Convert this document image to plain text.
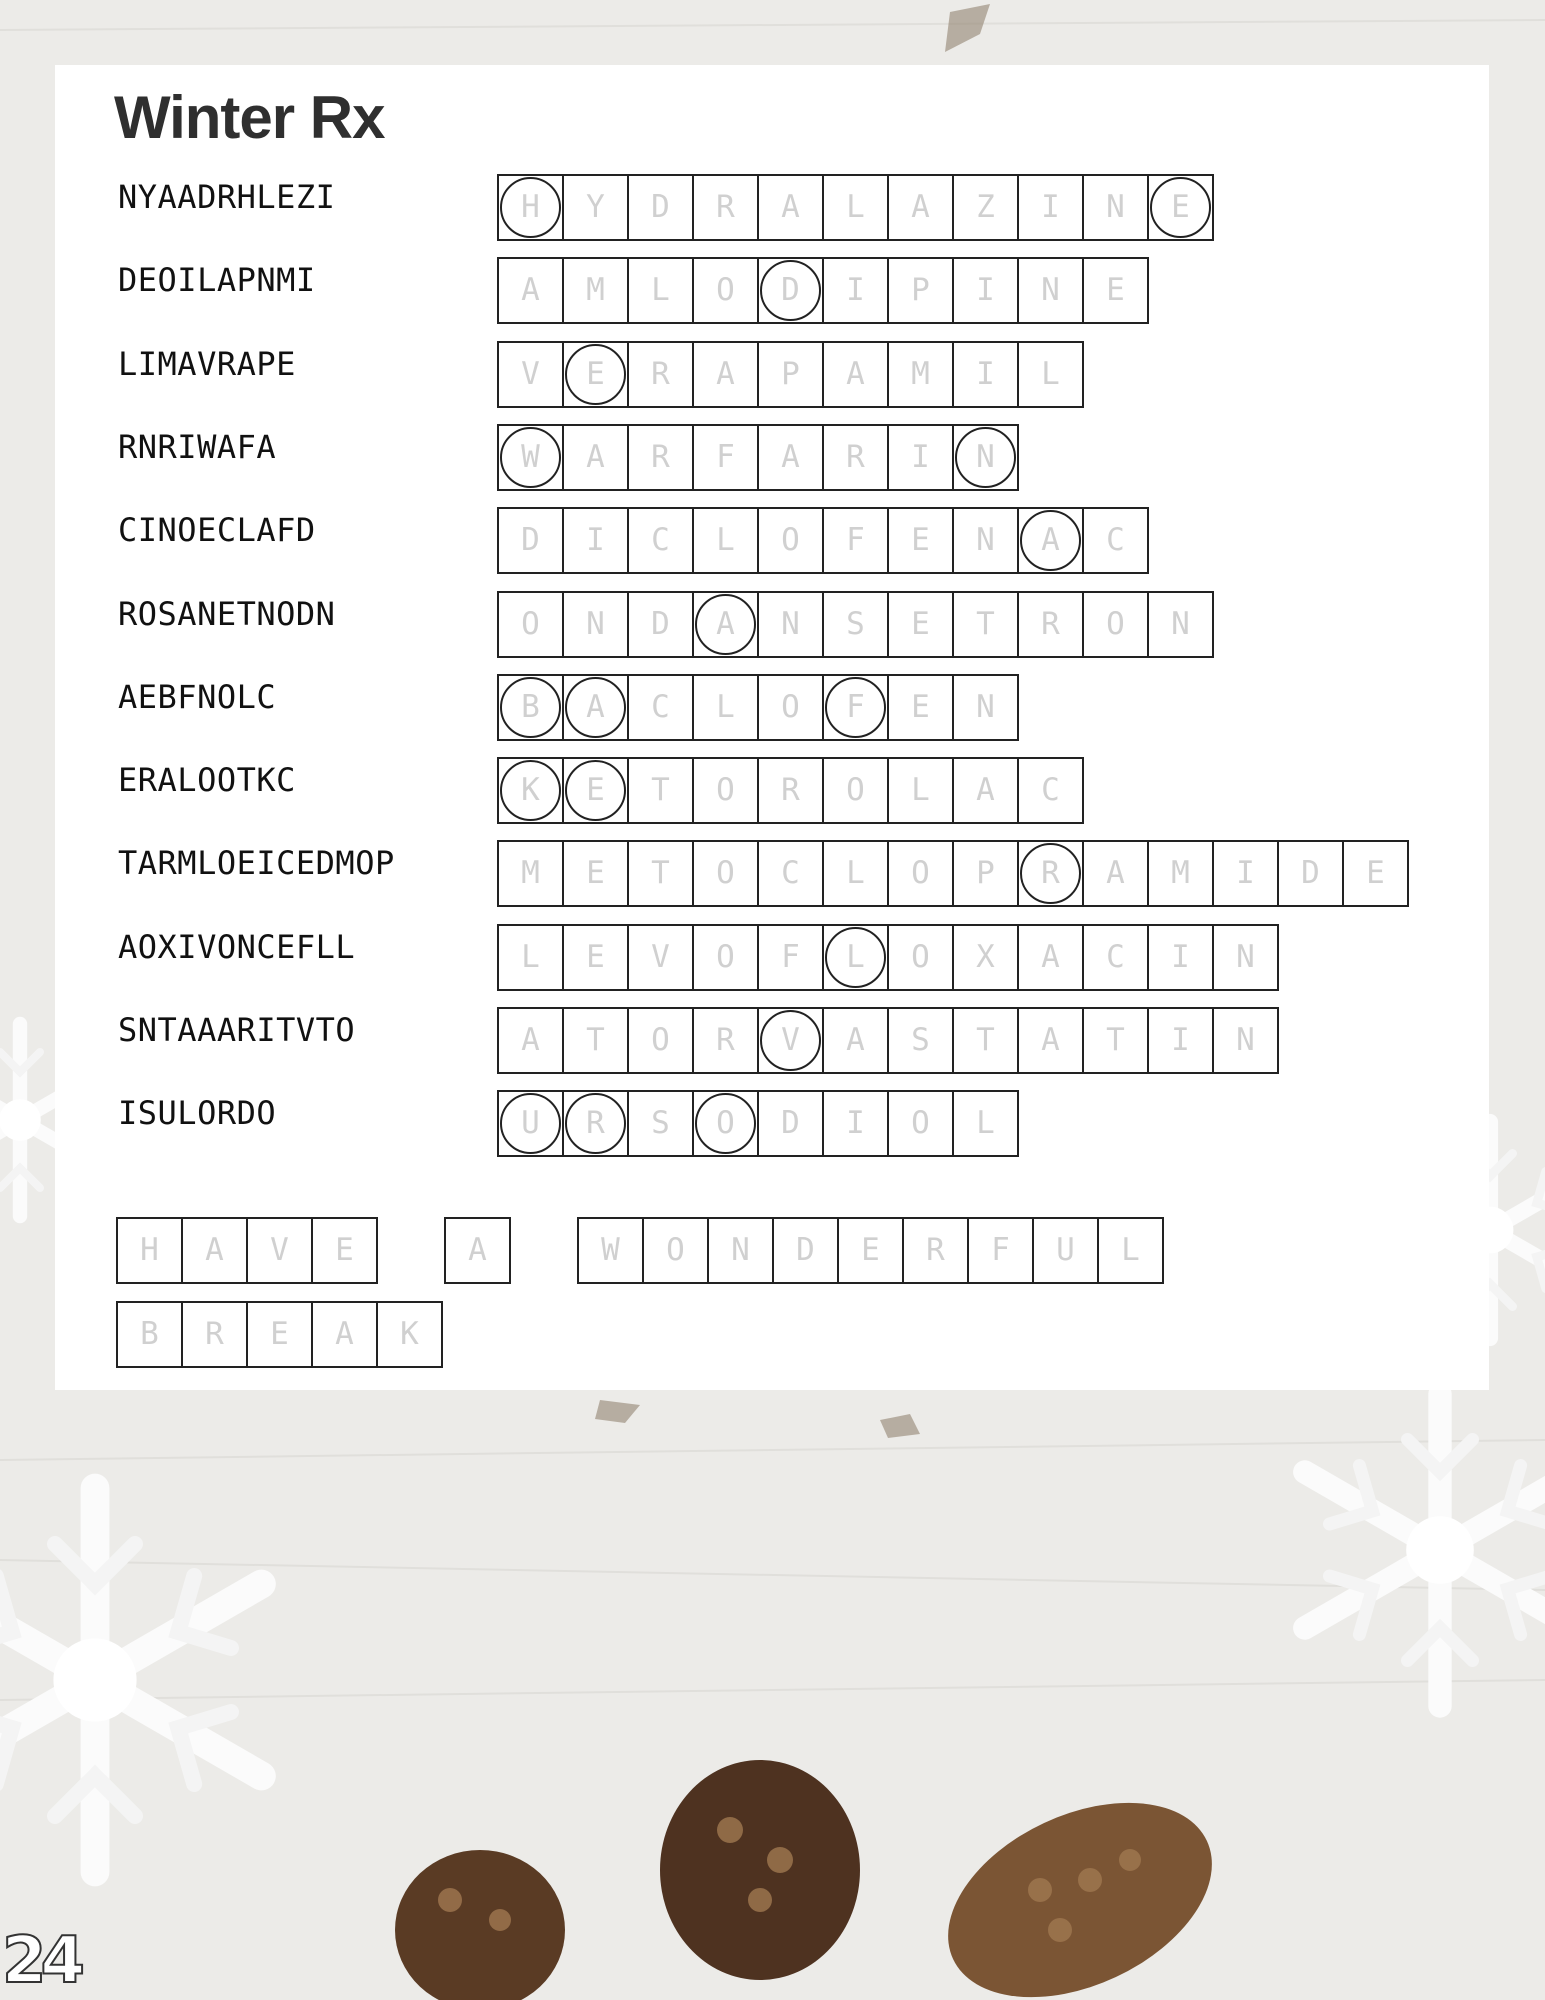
Winter Rx
NYAADRHLEZI	H	Y	D	R	A	L	A	Z	I	N	E
DEOILAPNMI	A	M	L	O	D	I	P	I	N	E
LIMAVRAPE	V	E	R	A	P	A	M	I	L
RNRIWAFA	W	A	R	F	A	R	I	N
CINOECLAFD	D	I	C	L	O	F	E	N	A	C
ROSANETNODN	O	N	D	A	N	S	E	T	R	O	N
AEBFNOLC	B	A	C	L	O	F	E	N
ERALOOTKC	K	E	T	O	R	O	L	A	C
TARMLOEICEDMOP	M	E	T	O	C	L	O	P	R	A	M	I	D	E
AOXIVONCEFLL	L	E	V	O	F	L	O	X	A	C	I	N
SNTAAARITVTO	A	T	O	R	V	A	S	T	A	T	I	N
ISULORDO	U	R	S	O	D	I	O	L
H	A	V	E	A	W	O	N	D	E	R	F	U	L
B	R	E	A	K
24
